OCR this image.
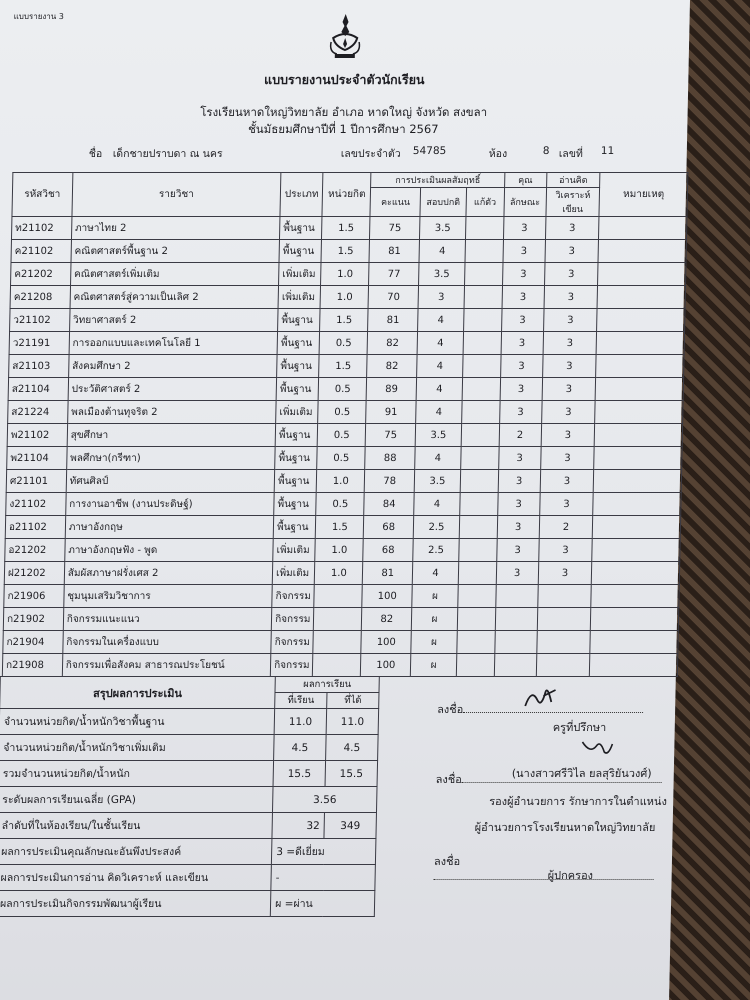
แบบรายงาน 3
แบบรายงานประจำตัวนักเรียน
โรงเรียนหาดใหญ่วิทยาลัย อำเภอ หาดใหญ่ จังหวัด สงขลา
ชั้นมัธยมศึกษาปีที่ 1 ปีการศึกษา 2567
ชื่อ เด็กชายปราบดา ณ นคร	เลขประจำตัว 54785	ห้อง	8 เลขที่ 11
รหัสวิชา	รายวิชา	ประเภท	หน่วยกิต	การประเมินผลสัมฤทธิ์			คุณ	อ่านคิด	หมายเหตุ
				คะแนน	สอบปกติ	แก้ตัว	ลักษณะ	วิเคราะห์เขียน	
ท21102	ภาษาไทย 2	พื้นฐาน	1.5	75	3.5		3	3	
ค21102	คณิตศาสตร์พื้นฐาน 2	พื้นฐาน	1.5	81	4		3	3	
ค21202	คณิตศาสตร์เพิ่มเติม	เพิ่มเติม	1.0	77	3.5		3	3	
ค21208	คณิตศาสตร์สู่ความเป็นเลิศ 2	เพิ่มเติม	1.0	70	3		3	3	
ว21102	วิทยาศาสตร์ 2	พื้นฐาน	1.5	81	4		3	3	
ว21191	การออกแบบและเทคโนโลยี 1	พื้นฐาน	0.5	82	4		3	3	
ส21103	สังคมศึกษา 2	พื้นฐาน	1.5	82	4		3	3	
ส21104	ประวัติศาสตร์ 2	พื้นฐาน	0.5	89	4		3	3	
ส21224	พลเมืองต้านทุจริต 2	เพิ่มเติม	0.5	91	4		3	3	
พ21102	สุขศึกษา	พื้นฐาน	0.5	75	3.5		2	3	
พ21104	พลศึกษา(กรีฑา)	พื้นฐาน	0.5	88	4		3	3	
ศ21101	ทัศนศิลป์	พื้นฐาน	1.0	78	3.5		3	3	
ง21102	การงานอาชีพ (งานประดิษฐ์)	พื้นฐาน	0.5	84	4		3	3	
อ21102	ภาษาอังกฤษ	พื้นฐาน	1.5	68	2.5		3	2	
อ21202	ภาษาอังกฤษฟัง - พูด	เพิ่มเติม	1.0	68	2.5		3	3	
ฝ21202	สัมผัสภาษาฝรั่งเศส 2	เพิ่มเติม	1.0	81	4		3	3	
ก21906	ชุมนุมเสริมวิชาการ	กิจกรรม		100	ผ				
ก21902	กิจกรรมแนะแนว	กิจกรรม		82	ผ				
ก21904	กิจกรรมในเครื่องแบบ	กิจกรรม		100	ผ				
ก21908	กิจกรรมเพื่อสังคม สาธารณประโยชน์	กิจกรรม		100	ผ				
สรุปผลการประเมิน	ผลการเรียน	
	ที่เรียน	ที่ได้
จำนวนหน่วยกิต/น้ำหนักวิชาพื้นฐาน	11.0	11.0
จำนวนหน่วยกิต/น้ำหนักวิชาเพิ่มเติม	4.5	4.5
รวมจำนวนหน่วยกิต/น้ำหนัก	15.5	15.5
ระดับผลการเรียนเฉลี่ย (GPA)	3.56	
ลำดับที่ในห้องเรียน/ในชั้นเรียน	32	349
ผลการประเมินคุณลักษณะอันพึงประสงค์	3 =ดีเยี่ยม	
ผลการประเมินการอ่าน คิดวิเคราะห์ และเขียน	-	
ผลการประเมินกิจกรรมพัฒนาผู้เรียน	ผ =ผ่าน	
ลงชื่อ
ครูที่ปรึกษา
ลงชื่อ	(นางสาวศรีวิไล ยลสุริยันวงศ์)
รองผู้อำนวยการ รักษาการในตำแหน่ง
ผู้อำนวยการโรงเรียนหาดใหญ่วิทยาลัย
ลงชื่อ
ผู้ปกครอง
